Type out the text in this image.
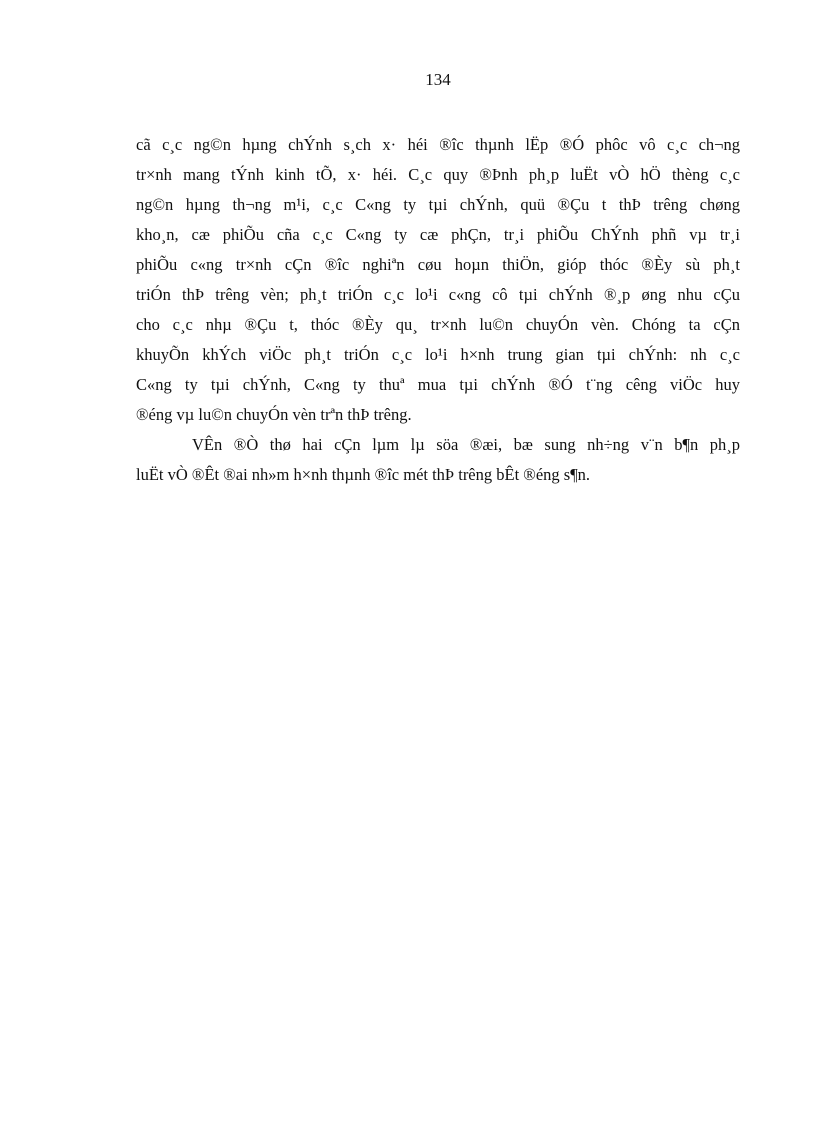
134
cã c¸c ng©n hµng chÝnh s¸ch x· héi ®îc thµnh lËp ®Ó phôc vô c¸c ch¬ng
tr×nh mang tÝnh kinh tÕ, x· héi. C¸c quy ®Þnh ph¸p luËt vÒ hÖ thèng c¸c
ng©n hµng th¬ng m¹i, c¸c C«ng ty tµi chÝnh, quü ®Çu t thÞ trêng chøng
kho¸n, cæ phiÕu cña c¸c C«ng ty cæ phÇn, tr¸i phiÕu ChÝnh phñ vµ tr¸i
phiÕu c«ng tr×nh cÇn ®îc nghiªn cøu hoµn thiÖn, gióp thóc ®Èy sù ph¸t
triÓn thÞ trêng vèn; ph¸t triÓn c¸c lo¹i c«ng cô tµi chÝnh ®¸p øng nhu cÇu
cho c¸c nhµ ®Çu t, thóc ®Èy qu¸ tr×nh lu©n chuyÓn vèn. Chóng ta cÇn
khuyÕn khÝch viÖc ph¸t triÓn c¸c lo¹i h×nh trung gian tµi chÝnh: nh c¸c
C«ng ty tµi chÝnh, C«ng ty thuª mua tµi chÝnh ®Ó t¨ng cêng viÖc huy
®éng vµ lu©n chuyÓn vèn trªn thÞ trêng.
VÊn ®Ò thø hai cÇn lµm lµ söa ®æi, bæ sung nh÷ng v¨n b¶n ph¸p
luËt vÒ ®Êt ®ai nh»m h×nh thµnh ®îc mét thÞ trêng bÊt ®éng s¶n.
